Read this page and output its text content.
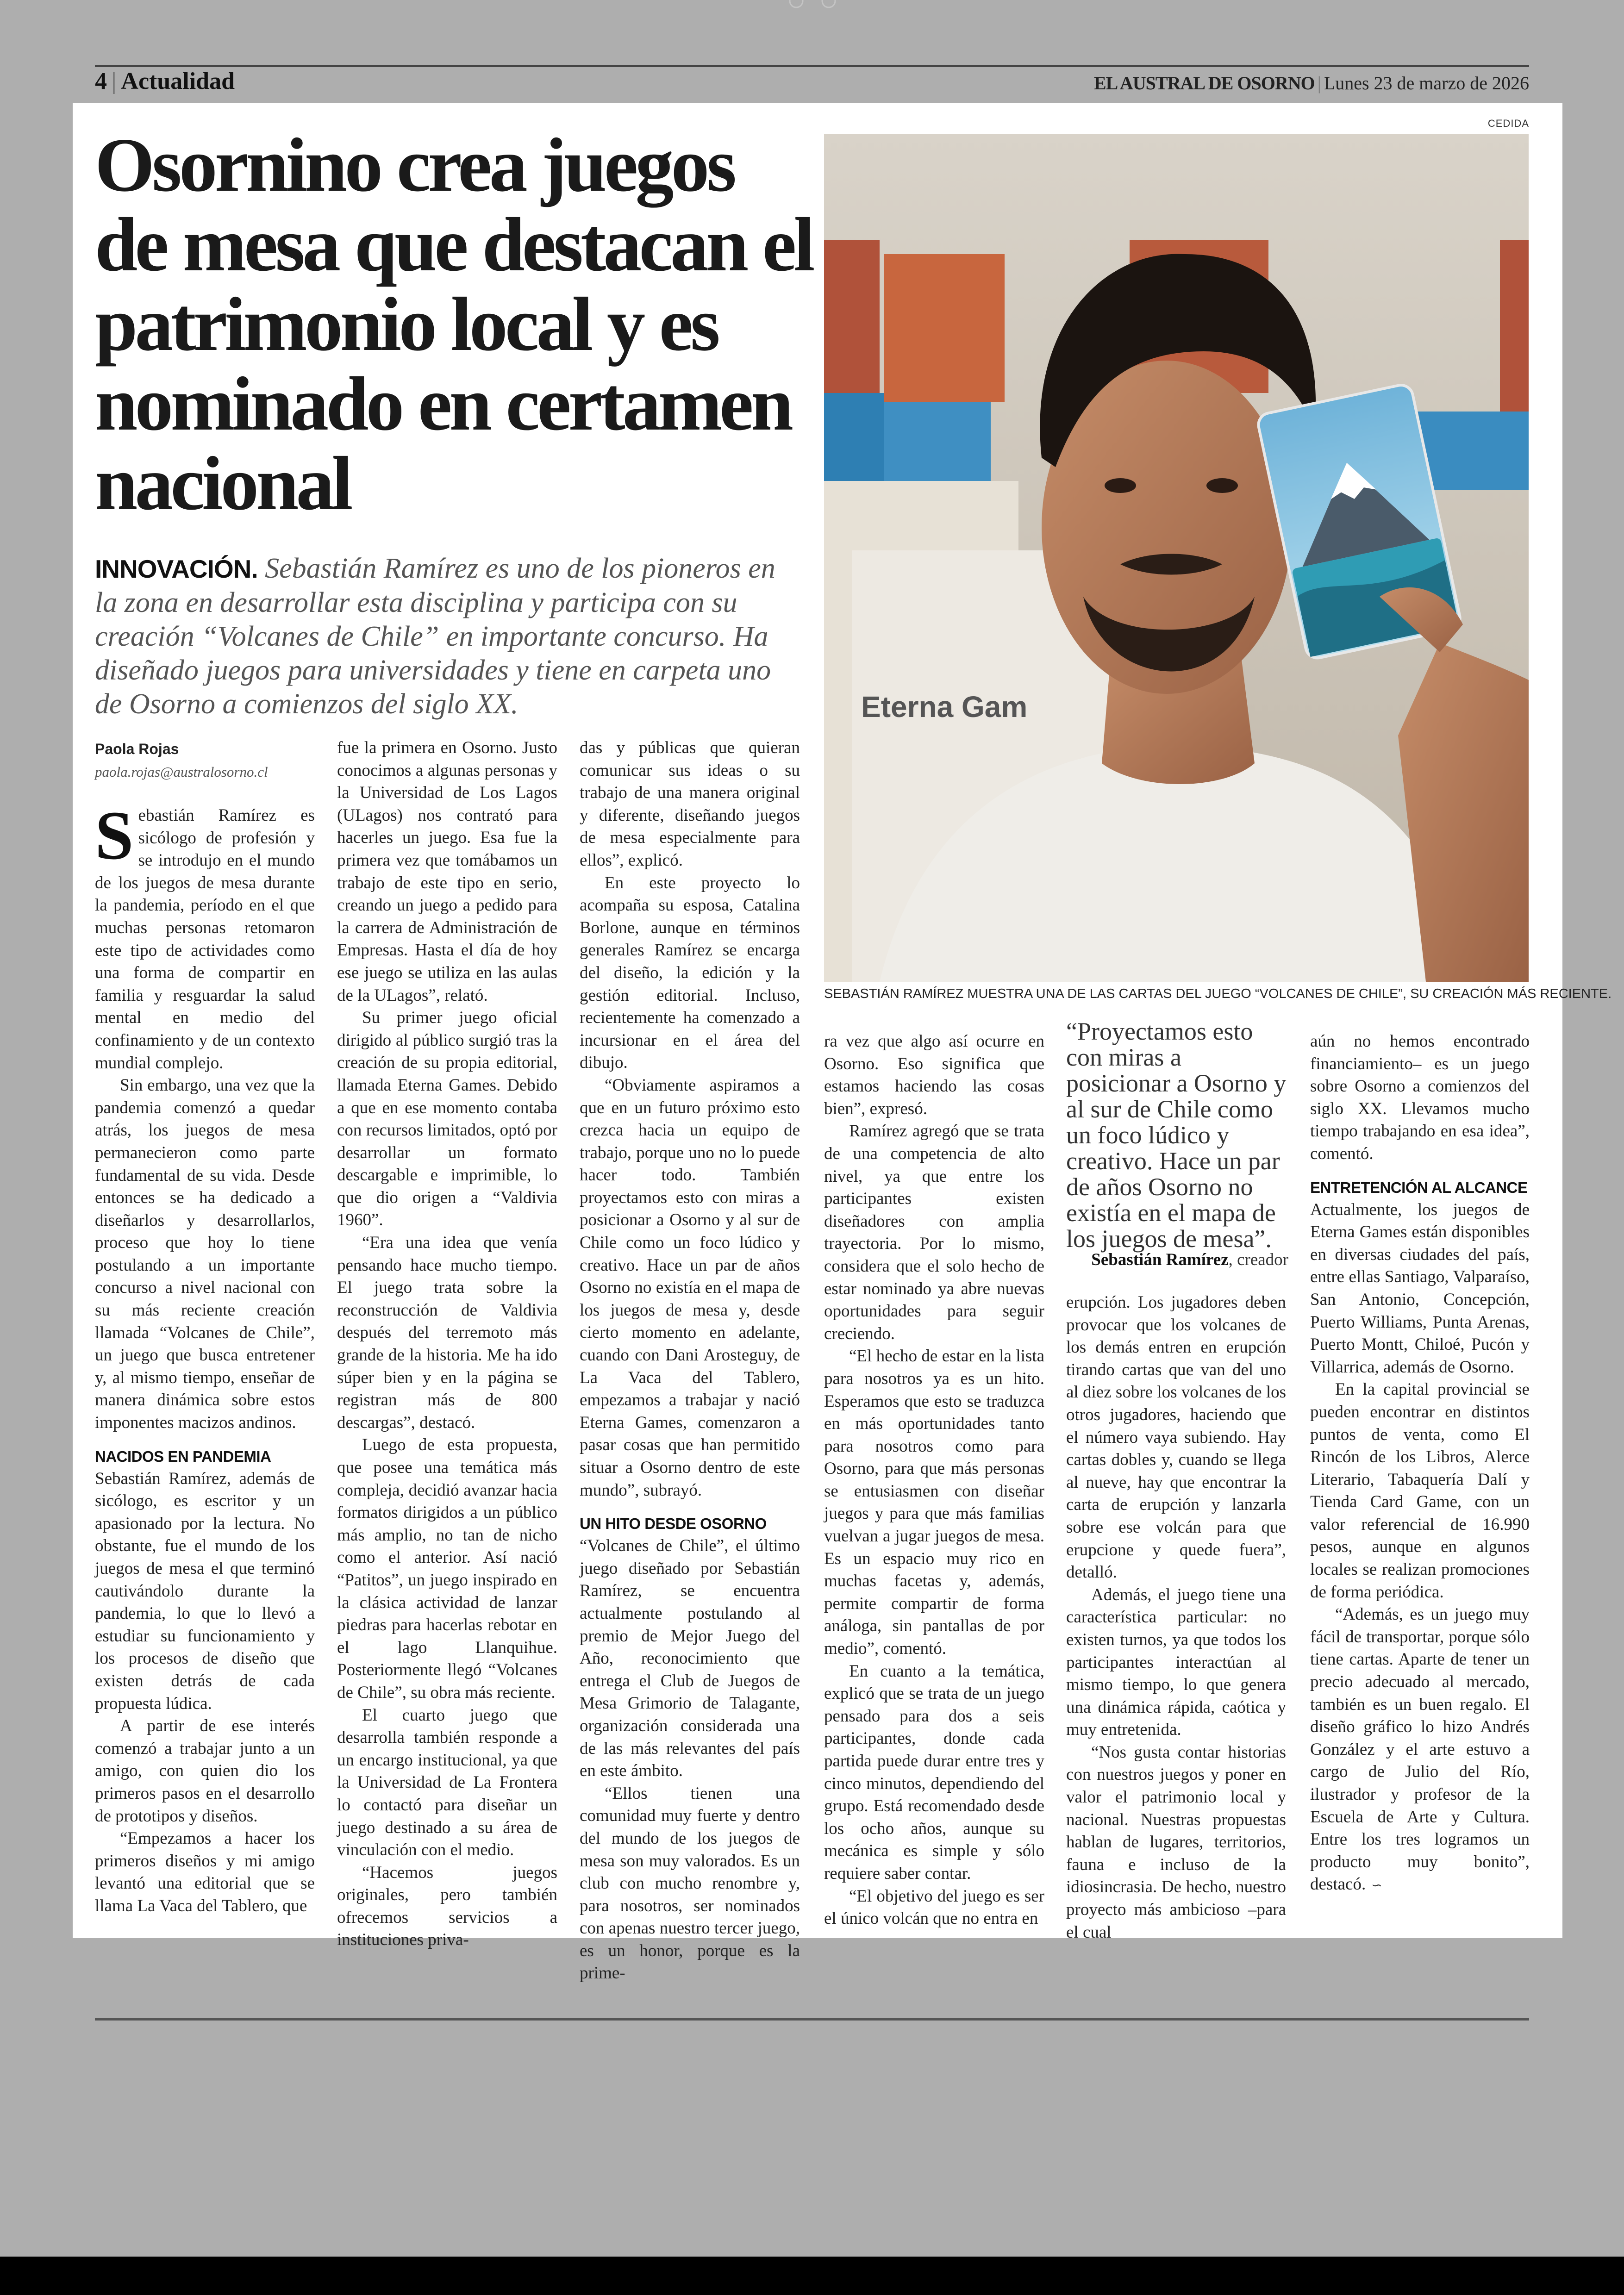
4 | Actualidad	EL AUSTRAL DE OSORNO | Lunes 23 de marzo de 2026
CEDIDA
Osornino crea juegos de mesa que destacan el patrimonio local y es nominado en certamen nacional
INNOVACIÓN. Sebastián Ramírez es uno de los pioneros en la zona en desarrollar esta disciplina y participa con su creación “Volcanes de Chile” en importante concurso. Ha diseñado juegos para universidades y tiene en carpeta uno de Osorno a comienzos del siglo XX.	Eterna Gam
SEBASTIÁN RAMÍREZ MUESTRA UNA DE LAS CARTAS DEL JUEGO “VOLCANES DE CHILE”, SU CREACIÓN MÁS RECIENTE.
Paola Rojas
paola.rojas@australosorno.cl

Sebastián Ramírez es sicólogo de profesión y se introdujo en el mundo de los juegos de mesa durante la pandemia, período en el que muchas personas retomaron este tipo de actividades como una forma de compartir en familia y resguardar la salud mental en medio del confinamiento y de un contexto mundial complejo.

Sin embargo, una vez que la pandemia comenzó a quedar atrás, los juegos de mesa permanecieron como parte fundamental de su vida. Desde entonces se ha dedicado a diseñarlos y desarrollarlos, proceso que hoy lo tiene postulando a un importante concurso a nivel nacional con su más reciente creación llamada “Volcanes de Chile”, un juego que busca entretener y, al mismo tiempo, enseñar de manera dinámica sobre estos imponentes macizos andinos.

NACIDOS EN PANDEMIA

Sebastián Ramírez, además de sicólogo, es escritor y un apasionado por la lectura. No obstante, fue el mundo de los juegos de mesa el que terminó cautivándolo durante la pandemia, lo que lo llevó a estudiar su funcionamiento y los procesos de diseño que existen detrás de cada propuesta lúdica.

A partir de ese interés comenzó a trabajar junto a un amigo, con quien dio los primeros pasos en el desarrollo de prototipos y diseños.

“Empezamos a hacer los primeros diseños y mi amigo levantó una editorial que se llama La Vaca del Tablero, que

fue la primera en Osorno. Justo conocimos a algunas personas y la Universidad de Los Lagos (ULagos) nos contrató para hacerles un juego. Esa fue la primera vez que tomábamos un trabajo de este tipo en serio, creando un juego a pedido para la carrera de Administración de Empresas. Hasta el día de hoy ese juego se utiliza en las aulas de la ULagos”, relató.

Su primer juego oficial dirigido al público surgió tras la creación de su propia editorial, llamada Eterna Games. Debido a que en ese momento contaba con recursos limitados, optó por desarrollar un formato descargable e imprimible, lo que dio origen a “Valdivia 1960”.

“Era una idea que venía pensando hace mucho tiempo. El juego trata sobre la reconstrucción de Valdivia después del terremoto más grande de la historia. Me ha ido súper bien y en la página se registran más de 800 descargas”, destacó.

Luego de esta propuesta, que posee una temática más compleja, decidió avanzar hacia formatos dirigidos a un público más amplio, no tan de nicho como el anterior. Así nació “Patitos”, un juego inspirado en la clásica actividad de lanzar piedras para hacerlas rebotar en el lago Llanquihue. Posteriormente llegó “Volcanes de Chile”, su obra más reciente.

El cuarto juego que desarrolla también responde a un encargo institucional, ya que la Universidad de La Frontera lo contactó para diseñar un juego destinado a su área de vinculación con el medio.

“Hacemos juegos originales, pero también ofrecemos servicios a instituciones priva-

das y públicas que quieran comunicar sus ideas o su trabajo de una manera original y diferente, diseñando juegos de mesa especialmente para ellos”, explicó.

En este proyecto lo acompaña su esposa, Catalina Borlone, aunque en términos generales Ramírez se encarga del diseño, la edición y la gestión editorial. Incluso, recientemente ha comenzado a incursionar en el área del dibujo.

“Obviamente aspiramos a que en un futuro próximo esto crezca hacia un equipo de trabajo, porque uno no lo puede hacer todo. También proyectamos esto con miras a posicionar a Osorno y al sur de Chile como un foco lúdico y creativo. Hace un par de años Osorno no existía en el mapa de los juegos de mesa y, desde cierto momento en adelante, cuando con Dani Arosteguy, de La Vaca del Tablero, empezamos a trabajar y nació Eterna Games, comenzaron a pasar cosas que han permitido situar a Osorno dentro de este mundo”, subrayó.

UN HITO DESDE OSORNO

“Volcanes de Chile”, el último juego diseñado por Sebastián Ramírez, se encuentra actualmente postulando al premio de Mejor Juego del Año, reconocimiento que entrega el Club de Juegos de Mesa Grimorio de Talagante, organización considerada una de las más relevantes del país en este ámbito.

“Ellos tienen una comunidad muy fuerte y dentro del mundo de los juegos de mesa son muy valorados. Es un club con mucho renombre y, para nosotros, ser nominados con apenas nuestro tercer juego, es un honor, porque es la prime-

ra vez que algo así ocurre en Osorno. Eso significa que estamos haciendo las cosas bien”, expresó.

Ramírez agregó que se trata de una competencia de alto nivel, ya que entre los participantes existen diseñadores con amplia trayectoria. Por lo mismo, considera que el solo hecho de estar nominado ya abre nuevas oportunidades para seguir creciendo.

“El hecho de estar en la lista para nosotros ya es un hito. Esperamos que esto se traduzca en más oportunidades tanto para nosotros como para Osorno, para que más personas se entusiasmen con diseñar juegos y para que más familias vuelvan a jugar juegos de mesa. Es un espacio muy rico en muchas facetas y, además, permite compartir de forma análoga, sin pantallas de por medio”, comentó.

En cuanto a la temática, explicó que se trata de un juego pensado para dos a seis participantes, donde cada partida puede durar entre tres y cinco minutos, dependiendo del grupo. Está recomendado desde los ocho años, aunque su mecánica es simple y sólo requiere saber contar.

“El objetivo del juego es ser el único volcán que no entra en

“Proyectamos esto con miras a posicionar a Osorno y al sur de Chile como un foco lúdico y creativo. Hace un par de años Osorno no existía en el mapa de los juegos de mesa”.
Sebastián Ramírez, creador

erupción. Los jugadores deben provocar que los volcanes de los demás entren en erupción tirando cartas que van del uno al diez sobre los volcanes de los otros jugadores, haciendo que el número vaya subiendo. Hay cartas dobles y, cuando se llega al nueve, hay que encontrar la carta de erupción y lanzarla sobre ese volcán para que erupcione y quede fuera”, detalló.

Además, el juego tiene una característica particular: no existen turnos, ya que todos los participantes interactúan al mismo tiempo, lo que genera una dinámica rápida, caótica y muy entretenida.

“Nos gusta contar historias con nuestros juegos y poner en valor el patrimonio local y nacional. Nuestras propuestas hablan de lugares, territorios, fauna e incluso de la idiosincrasia. De hecho, nuestro proyecto más ambicioso –para el cual

aún no hemos encontrado financiamiento– es un juego sobre Osorno a comienzos del siglo XX. Llevamos mucho tiempo trabajando en esa idea”, comentó.

ENTRETENCIÓN AL ALCANCE

Actualmente, los juegos de Eterna Games están disponibles en diversas ciudades del país, entre ellas Santiago, Valparaíso, San Antonio, Concepción, Puerto Williams, Punta Arenas, Puerto Montt, Chiloé, Pucón y Villarrica, además de Osorno.

En la capital provincial se pueden encontrar en distintos puntos de venta, como El Rincón de los Libros, Alerce Literario, Tabaquería Dalí y Tienda Card Game, con un valor referencial de 16.990 pesos, aunque en algunos locales se realizan promociones de forma periódica.

“Además, es un juego muy fácil de transportar, porque sólo tiene cartas. Aparte de tener un precio adecuado al mercado, también es un buen regalo. El diseño gráfico lo hizo Andrés González y el arte estuvo a cargo de Julio del Río, ilustrador y profesor de la Escuela de Arte y Cultura. Entre los tres logramos un producto muy bonito”, destacó. ∽
